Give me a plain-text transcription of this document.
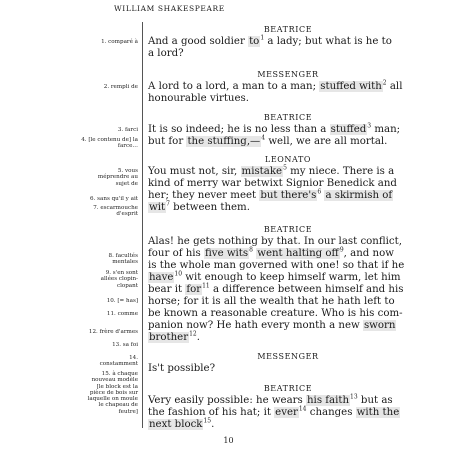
WILLIAM SHAKESPEARE
1. comparé à
2. rempli de
3. farci
4. [le contenu de] la farce…
5. vous méprendre au sujet de
6. sans qu'il y ait
7. escarmouche d'esprit
8. facultés mentales
9. s'en sont allées clopin-clopant
10. [= has]
11. comme
12. frère d'armes
13. sa foi
14. constamment
15. à chaque nouveau modèle [le block est la pièce de bois sur laquelle on moule le chapeau de feutre]
BEATRICE
And a good soldier $to^1$ a lady; but what is he to
a lord?
MESSENGER
A lord to a lord, a man to a man; stuffed with$^2$ all
honourable virtues.
BEATRICE
It is so indeed; he is no less than a stuffed$^3$ man;
but for the stuffing,—$^4$ well, we are all mortal.
LEONATO
You must not, sir, mistake$^5$ my niece. There is a
kind of merry war betwixt Signior Benedick and
her; they never meet but $there's^6$ a skirmish of
wit$^7$ between them.
BEATRICE
Alas! he gets nothing by that. In our last conflict,
four of his five wits$^8$ went halting off$^9$, and now
is the whole man governed with one! so that if he
have$^{10}$ wit enough to keep himself warm, let him
bear it for$^{11}$ a difference between himself and his
horse; for it is all the wealth that he hath left to
be known a reasonable creature. Who is his com-
panion now? He hath every month a new sworn
brother$^{12}$.
MESSENGER
Is't possible?
BEATRICE
Very easily possible: he wears his faith$^{13}$ but as
the fashion of his hat; it ever$^{14}$ changes with the
next block$^{15}$.
10
